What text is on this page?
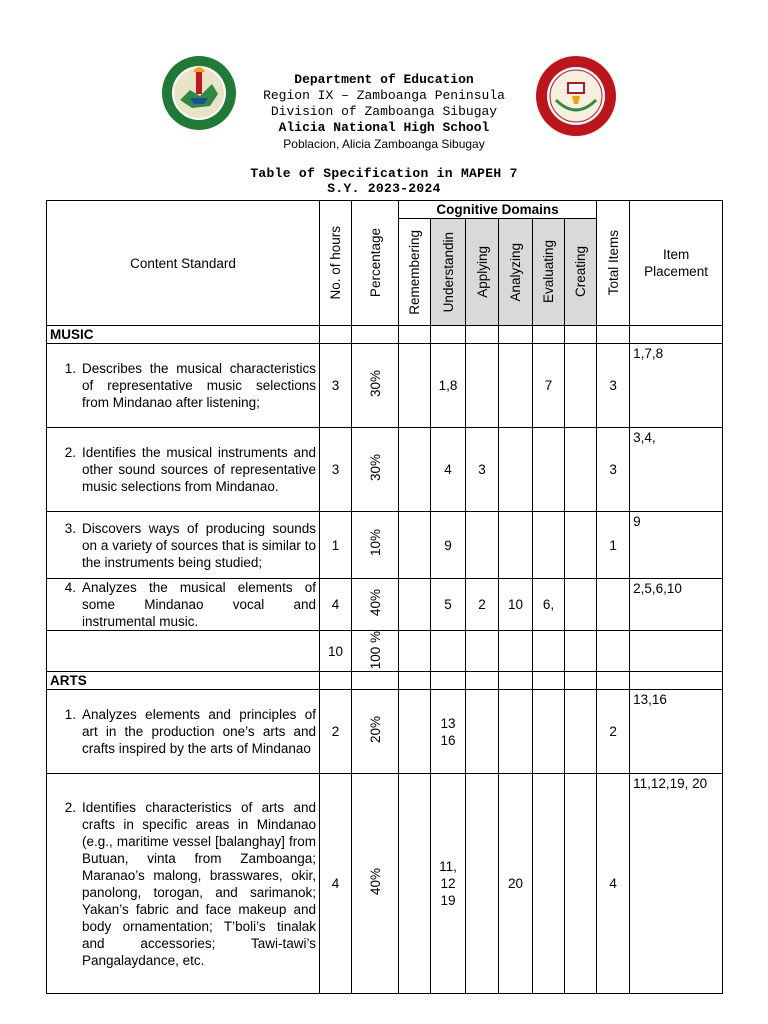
Department of Education
Region IX – Zamboanga Peninsula
Division of Zamboanga Sibugay
Alicia National High School
Poblacion, Alicia Zamboanga Sibugay
Table of Specification in MAPEH 7
S.Y. 2023-2024
Content Standard	No. of hours	Percentage	Cognitive Domains						Total Items	Item Placement

			Remembering	Understandin	Applying	Analyzing	Evaluating	Creating		

MUSIC										

1. Describes the musical characteristics of representative music selections from Mindanao after listening;	3	30%		1,8			7		3	1,7,8

2. Identifies the musical instruments and other sound sources of representative music selections from Mindanao.	3	30%		4	3				3	3,4,

3. Discovers ways of producing sounds on a variety of sources that is similar to the instruments being studied;	1	10%		9					1	9

4. Analyzes the musical elements of some Mindanao vocal and instrumental music.	4	40%		5	2	10	6,			2,5,6,10
	10	100 %								
ARTS										

1. Analyzes elements and principles of art in the production one’s arts and crafts inspired by the arts of Mindanao	2	20%		13 16					2	13,16

2. Identifies characteristics of arts and crafts in specific areas in Mindanao (e.g., maritime vessel [balanghay] from Butuan, vinta from Zamboanga; Maranao’s malong, brasswares, okir, panolong, torogan, and sarimanok; Yakan’s fabric and face makeup and body ornamentation; T’boli’s tinalak and accessories; Tawi-tawi’s Pangalaydance, etc.	4	40%		11, 12 19		20			4	11,12,19, 20
